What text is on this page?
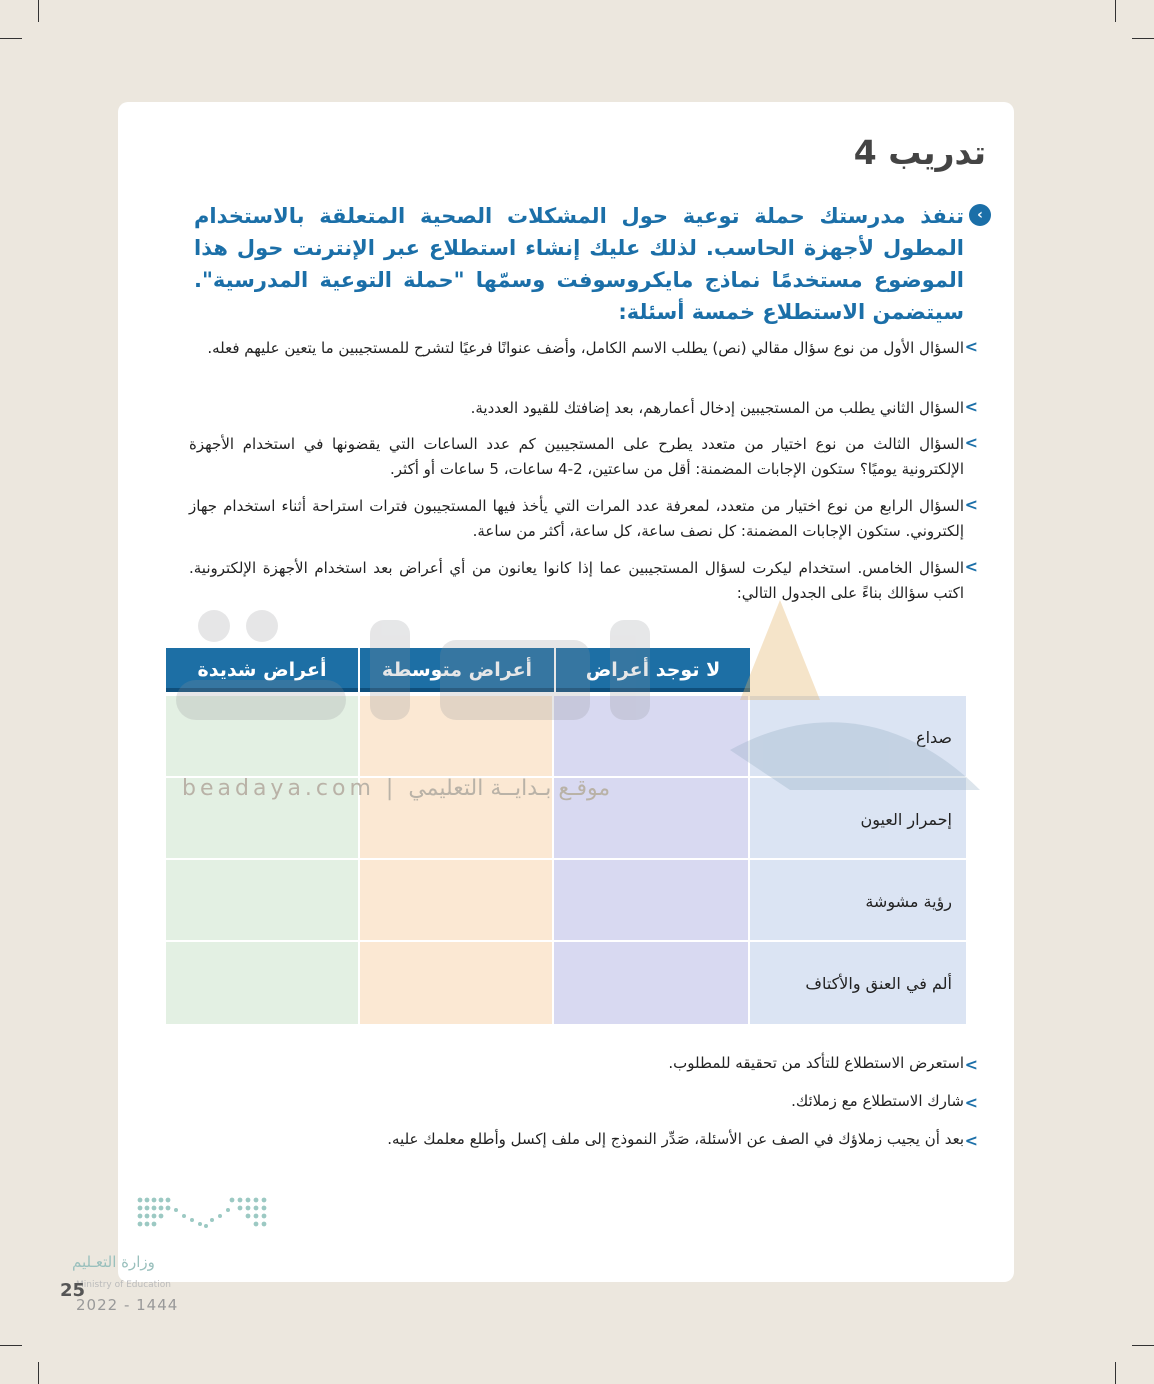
تدريب 4
‹
تنفذ مدرستك حملة توعية حول المشكلات الصحية المتعلقة بالاستخدام المطول لأجهزة الحاسب. لذلك عليك إنشاء استطلاع عبر الإنترنت حول هذا الموضوع مستخدمًا نماذج مايكروسوفت وسمّها "حملة التوعية المدرسية". سيتضمن الاستطلاع خمسة أسئلة:
<
السؤال الأول من نوع سؤال مقالي (نص) يطلب الاسم الكامل، وأضف عنوانًا فرعيًا لتشرح للمستجيبين ما يتعين عليهم فعله.
<
السؤال الثاني يطلب من المستجيبين إدخال أعمارهم، بعد إضافتك للقيود العددية.
<
السؤال الثالث من نوع اختيار من متعدد يطرح على المستجيبين كم عدد الساعات التي يقضونها في استخدام الأجهزة الإلكترونية يوميًا؟ ستكون الإجابات المضمنة: أقل من ساعتين، 2-4 ساعات، 5 ساعات أو أكثر.
<
السؤال الرابع من نوع اختيار من متعدد، لمعرفة عدد المرات التي يأخذ فيها المستجيبون فترات استراحة أثناء استخدام جهاز إلكتروني. ستكون الإجابات المضمنة: كل نصف ساعة، كل ساعة، أكثر من ساعة.
<
السؤال الخامس. استخدام ليكرت لسؤال المستجيبين عما إذا كانوا يعانون من أي أعراض بعد استخدام الأجهزة الإلكترونية. اكتب سؤالك بناءً على الجدول التالي:
لا توجد أعراض
أعراض متوسطة
أعراض شديدة
صداع
إحمرار العيون
رؤية مشوشة
ألم في العنق والأكتاف
beadaya.com | موقـع بـدايــة التعليمي
<
استعرض الاستطلاع للتأكد من تحقيقه للمطلوب.
<
شارك الاستطلاع مع زملائك.
<
بعد أن يجيب زملاؤك في الصف عن الأسئلة، صَدِّر النموذج إلى ملف إكسل وأطلع معلمك عليه.
وزارة التعـليم
Ministry of Education
25
2022 - 1444
